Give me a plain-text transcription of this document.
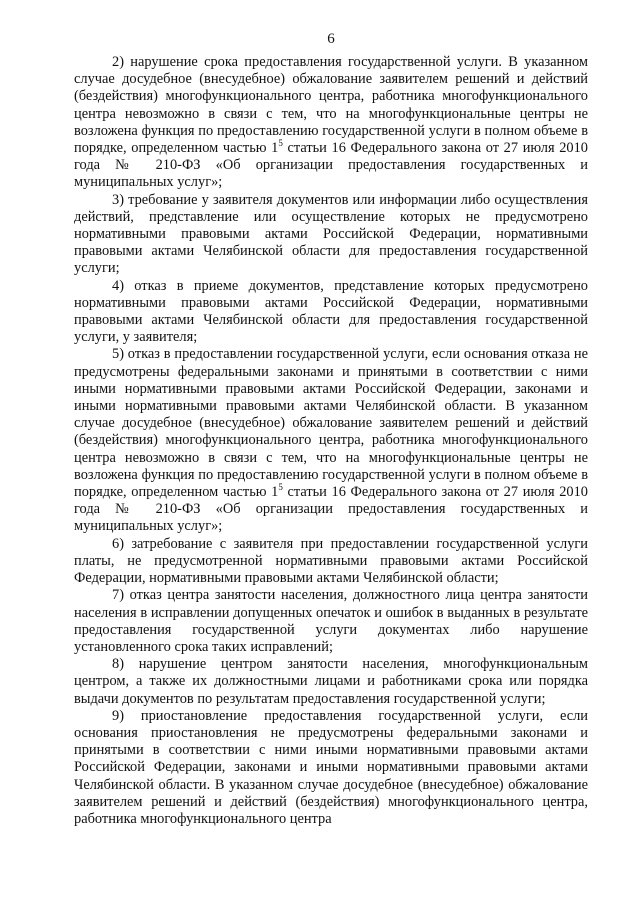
6

2) нарушение срока предоставления государственной услуги. В указанном случае досудебное (внесудебное) обжалование заявителем решений и действий (бездействия) многофункционального центра, работника многофункционального центра невозможно в связи с тем, что на многофункциональные центры не возложена функция по предоставлению государственной услуги в полном объеме в порядке, определенном частью $1^5$ статьи 16 Федерального закона от 27 июля 2010 года № 210-ФЗ «Об организации предоставления государственных и муниципальных услуг»;

3) требование у заявителя документов или информации либо осуществления действий, представление или осуществление которых не предусмотрено нормативными правовыми актами Российской Федерации, нормативными правовыми актами Челябинской области для предоставления государственной услуги;

4) отказ в приеме документов, представление которых предусмотрено нормативными правовыми актами Российской Федерации, нормативными правовыми актами Челябинской области для предоставления государственной услуги, у заявителя;

5) отказ в предоставлении государственной услуги, если основания отказа не предусмотрены федеральными законами и принятыми в соответствии с ними иными нормативными правовыми актами Российской Федерации, законами и иными нормативными правовыми актами Челябинской области. В указанном случае досудебное (внесудебное) обжалование заявителем решений и действий (бездействия) многофункционального центра, работника многофункционального центра невозможно в связи с тем, что на многофункциональные центры не возложена функция по предоставлению государственной услуги в полном объеме в порядке, определенном частью $1^5$ статьи 16 Федерального закона от 27 июля 2010 года № 210-ФЗ «Об организации предоставления государственных и муниципальных услуг»;

6) затребование с заявителя при предоставлении государственной услуги платы, не предусмотренной нормативными правовыми актами Российской Федерации, нормативными правовыми актами Челябинской области;

7) отказ центра занятости населения, должностного лица центра занятости населения в исправлении допущенных опечаток и ошибок в выданных в результате предоставления государственной услуги документах либо нарушение установленного срока таких исправлений;

8) нарушение центром занятости населения, многофункциональным центром, а также их должностными лицами и работниками срока или порядка выдачи документов по результатам предоставления государственной услуги;

9) приостановление предоставления государственной услуги, если основания приостановления не предусмотрены федеральными законами и принятыми в соответствии с ними иными нормативными правовыми актами Российской Федерации, законами и иными нормативными правовыми актами Челябинской области. В указанном случае досудебное (внесудебное) обжалование заявителем решений и действий (бездействия) многофункционального центра, работника многофункционального центра
